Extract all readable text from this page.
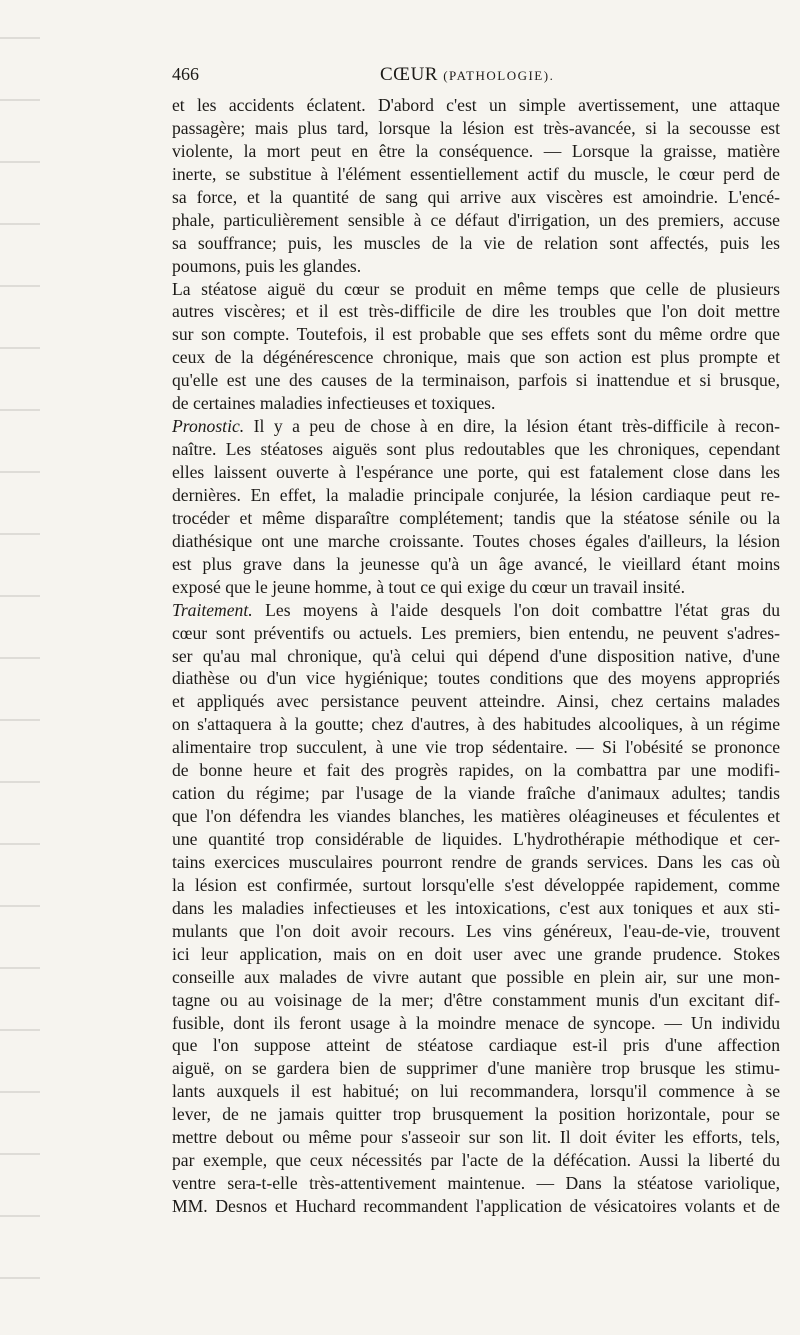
466	CŒUR (PATHOLOGIE).
et les accidents éclatent. D'abord c'est un simple avertissement, une attaque
passagère; mais plus tard, lorsque la lésion est très-avancée, si la secousse est
violente, la mort peut en être la conséquence. — Lorsque la graisse, matière
inerte, se substitue à l'élément essentiellement actif du muscle, le cœur perd de
sa force, et la quantité de sang qui arrive aux viscères est amoindrie. L'encé-
phale, particulièrement sensible à ce défaut d'irrigation, un des premiers, accuse
sa souffrance; puis, les muscles de la vie de relation sont affectés, puis les
poumons, puis les glandes.
La stéatose aiguë du cœur se produit en même temps que celle de plusieurs
autres viscères; et il est très-difficile de dire les troubles que l'on doit mettre
sur son compte. Toutefois, il est probable que ses effets sont du même ordre que
ceux de la dégénérescence chronique, mais que son action est plus prompte et
qu'elle est une des causes de la terminaison, parfois si inattendue et si brusque,
de certaines maladies infectieuses et toxiques.
Pronostic. Il y a peu de chose à en dire, la lésion étant très-difficile à recon-
naître. Les stéatoses aiguës sont plus redoutables que les chroniques, cependant
elles laissent ouverte à l'espérance une porte, qui est fatalement close dans les
dernières. En effet, la maladie principale conjurée, la lésion cardiaque peut re-
trocéder et même disparaître complétement; tandis que la stéatose sénile ou la
diathésique ont une marche croissante. Toutes choses égales d'ailleurs, la lésion
est plus grave dans la jeunesse qu'à un âge avancé, le vieillard étant moins
exposé que le jeune homme, à tout ce qui exige du cœur un travail insité.
Traitement. Les moyens à l'aide desquels l'on doit combattre l'état gras du
cœur sont préventifs ou actuels. Les premiers, bien entendu, ne peuvent s'adres-
ser qu'au mal chronique, qu'à celui qui dépend d'une disposition native, d'une
diathèse ou d'un vice hygiénique; toutes conditions que des moyens appropriés
et appliqués avec persistance peuvent atteindre. Ainsi, chez certains malades
on s'attaquera à la goutte; chez d'autres, à des habitudes alcooliques, à un régime
alimentaire trop succulent, à une vie trop sédentaire. — Si l'obésité se prononce
de bonne heure et fait des progrès rapides, on la combattra par une modifi-
cation du régime; par l'usage de la viande fraîche d'animaux adultes; tandis
que l'on défendra les viandes blanches, les matières oléagineuses et féculentes et
une quantité trop considérable de liquides. L'hydrothérapie méthodique et cer-
tains exercices musculaires pourront rendre de grands services. Dans les cas où
la lésion est confirmée, surtout lorsqu'elle s'est développée rapidement, comme
dans les maladies infectieuses et les intoxications, c'est aux toniques et aux sti-
mulants que l'on doit avoir recours. Les vins généreux, l'eau-de-vie, trouvent
ici leur application, mais on en doit user avec une grande prudence. Stokes
conseille aux malades de vivre autant que possible en plein air, sur une mon-
tagne ou au voisinage de la mer; d'être constamment munis d'un excitant dif-
fusible, dont ils feront usage à la moindre menace de syncope. — Un individu
que l'on suppose atteint de stéatose cardiaque est-il pris d'une affection
aiguë, on se gardera bien de supprimer d'une manière trop brusque les stimu-
lants auxquels il est habitué; on lui recommandera, lorsqu'il commence à se
lever, de ne jamais quitter trop brusquement la position horizontale, pour se
mettre debout ou même pour s'asseoir sur son lit. Il doit éviter les efforts, tels,
par exemple, que ceux nécessités par l'acte de la défécation. Aussi la liberté du
ventre sera-t-elle très-attentivement maintenue. — Dans la stéatose variolique,
MM. Desnos et Huchard recommandent l'application de vésicatoires volants et de
